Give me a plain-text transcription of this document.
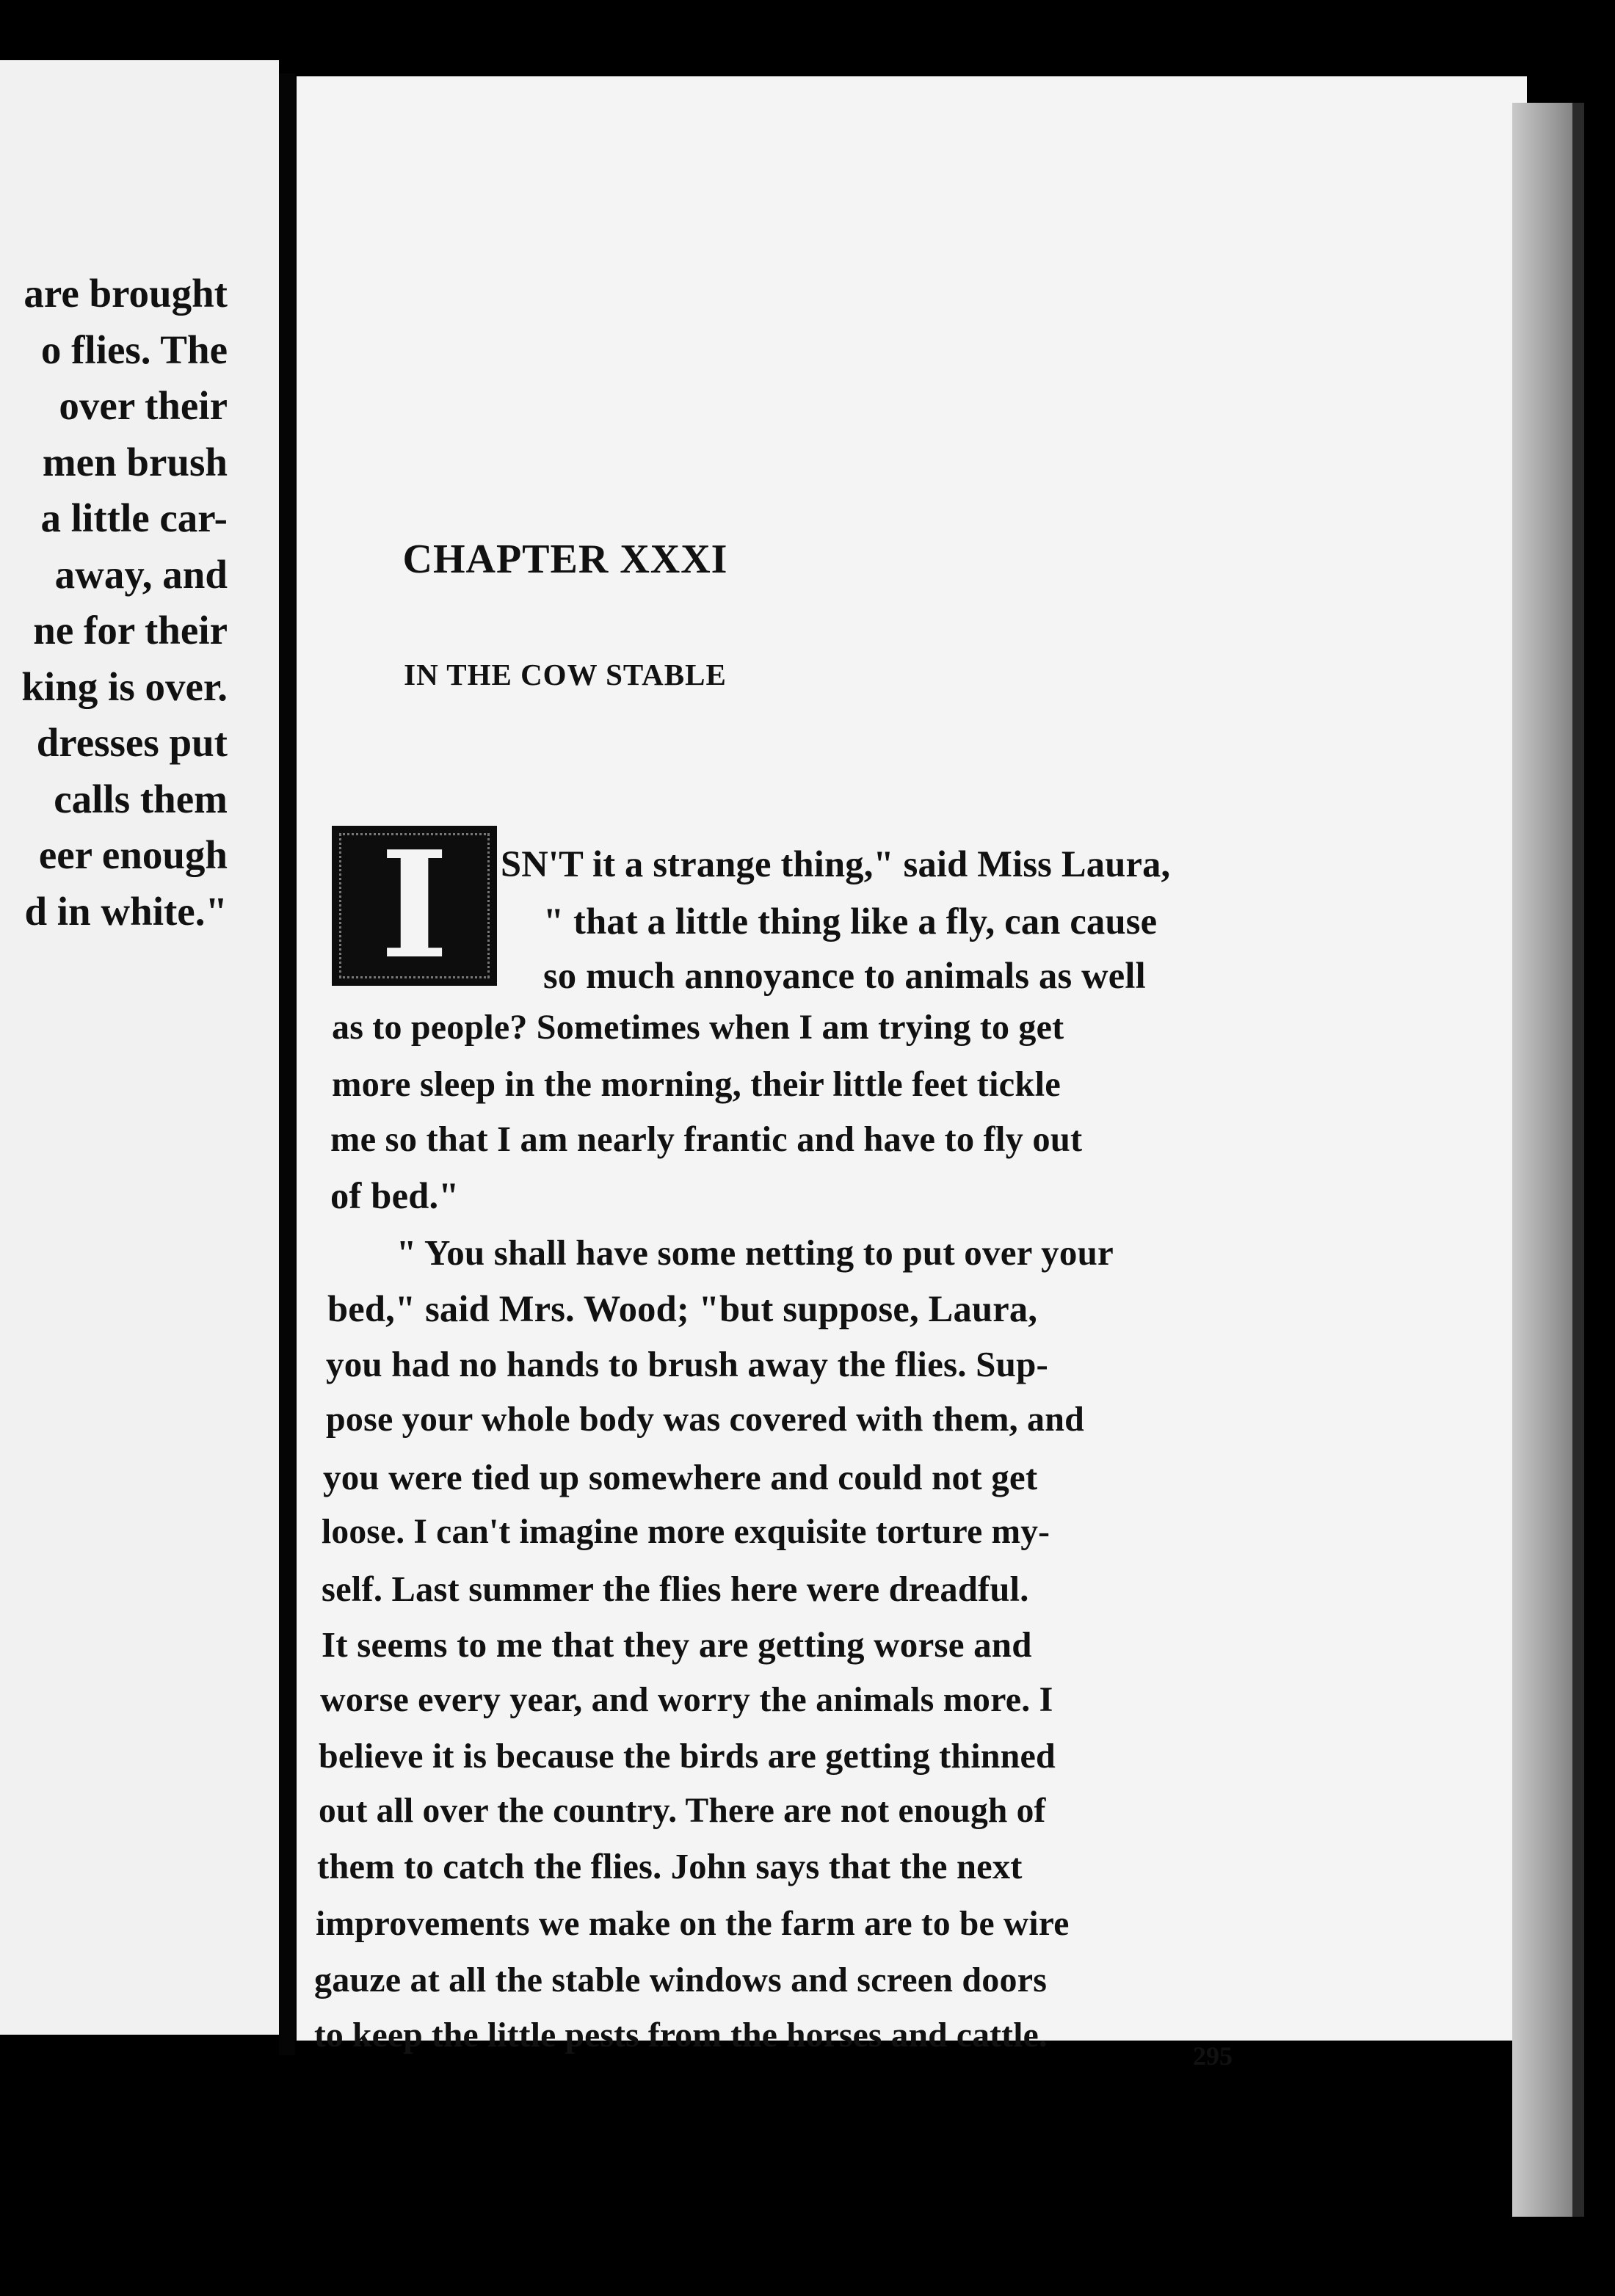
are brought
o flies. The
over their
men brush
a little car-
away, and
ne for their
king is over.
dresses put
calls them
eer enough
d in white."
CHAPTER XXXI
IN THE COW STABLE
I SN'T it a strange thing," said Miss Laura,
" that a little thing like a fly, can cause
so much annoyance to animals as well
as to people? Sometimes when I am trying to get
more sleep in the morning, their little feet tickle
me so that I am nearly frantic and have to fly out
of bed."
" You shall have some netting to put over your
bed," said Mrs. Wood; "but suppose, Laura,
you had no hands to brush away the flies. Sup-
pose your whole body was covered with them, and
you were tied up somewhere and could not get
loose. I can't imagine more exquisite torture my-
self. Last summer the flies here were dreadful.
It seems to me that they are getting worse and
worse every year, and worry the animals more. I
believe it is because the birds are getting thinned
out all over the country. There are not enough of
them to catch the flies. John says that the next
improvements we make on the farm are to be wire
gauze at all the stable windows and screen doors
to keep the little pests from the horses and cattle.
295
